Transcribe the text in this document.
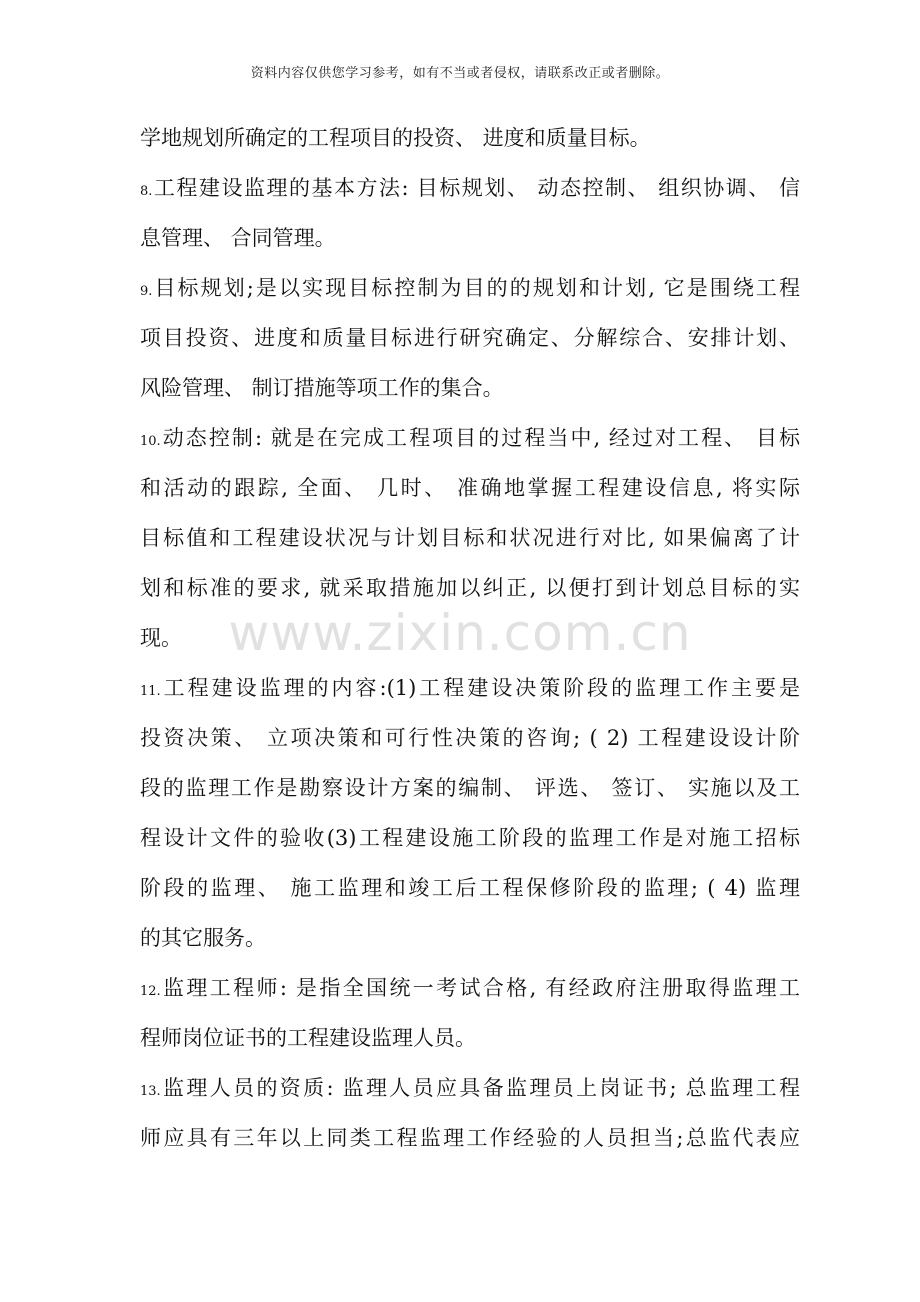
资料内容仅供您学习参考，如有不当或者侵权，请联系改正或者删除。
学地规划所确定的工程项目的投资、 进度和质量目标。
8.工程建设监理的基本方法: 目标规划、 动态控制、 组织协调、 信
息管理、 合同管理。
9.目标规划;是以实现目标控制为目的的规划和计划, 它是围绕工程
项目投资、进度和质量目标进行研究确定、分解综合、安排计划、
风险管理、 制订措施等项工作的集合。
10.动态控制: 就是在完成工程项目的过程当中, 经过对工程、 目标
和活动的跟踪, 全面、 几时、 准确地掌握工程建设信息, 将实际
目标值和工程建设状况与计划目标和状况进行对比, 如果偏离了计
划和标准的要求, 就采取措施加以纠正, 以便打到计划总目标的实
现。
11.工程建设监理的内容:(1)工程建设决策阶段的监理工作主要是
投资决策、 立项决策和可行性决策的咨询; ( 2) 工程建设设计阶
段的监理工作是勘察设计方案的编制、 评选、 签订、 实施以及工
程设计文件的验收(3)工程建设施工阶段的监理工作是对施工招标
阶段的监理、 施工监理和竣工后工程保修阶段的监理; ( 4) 监理
的其它服务。
12.监理工程师: 是指全国统一考试合格, 有经政府注册取得监理工
程师岗位证书的工程建设监理人员。
13.监理人员的资质: 监理人员应具备监理员上岗证书; 总监理工程
师应具有三年以上同类工程监理工作经验的人员担当;总监代表应
www.zixin.com.cn
